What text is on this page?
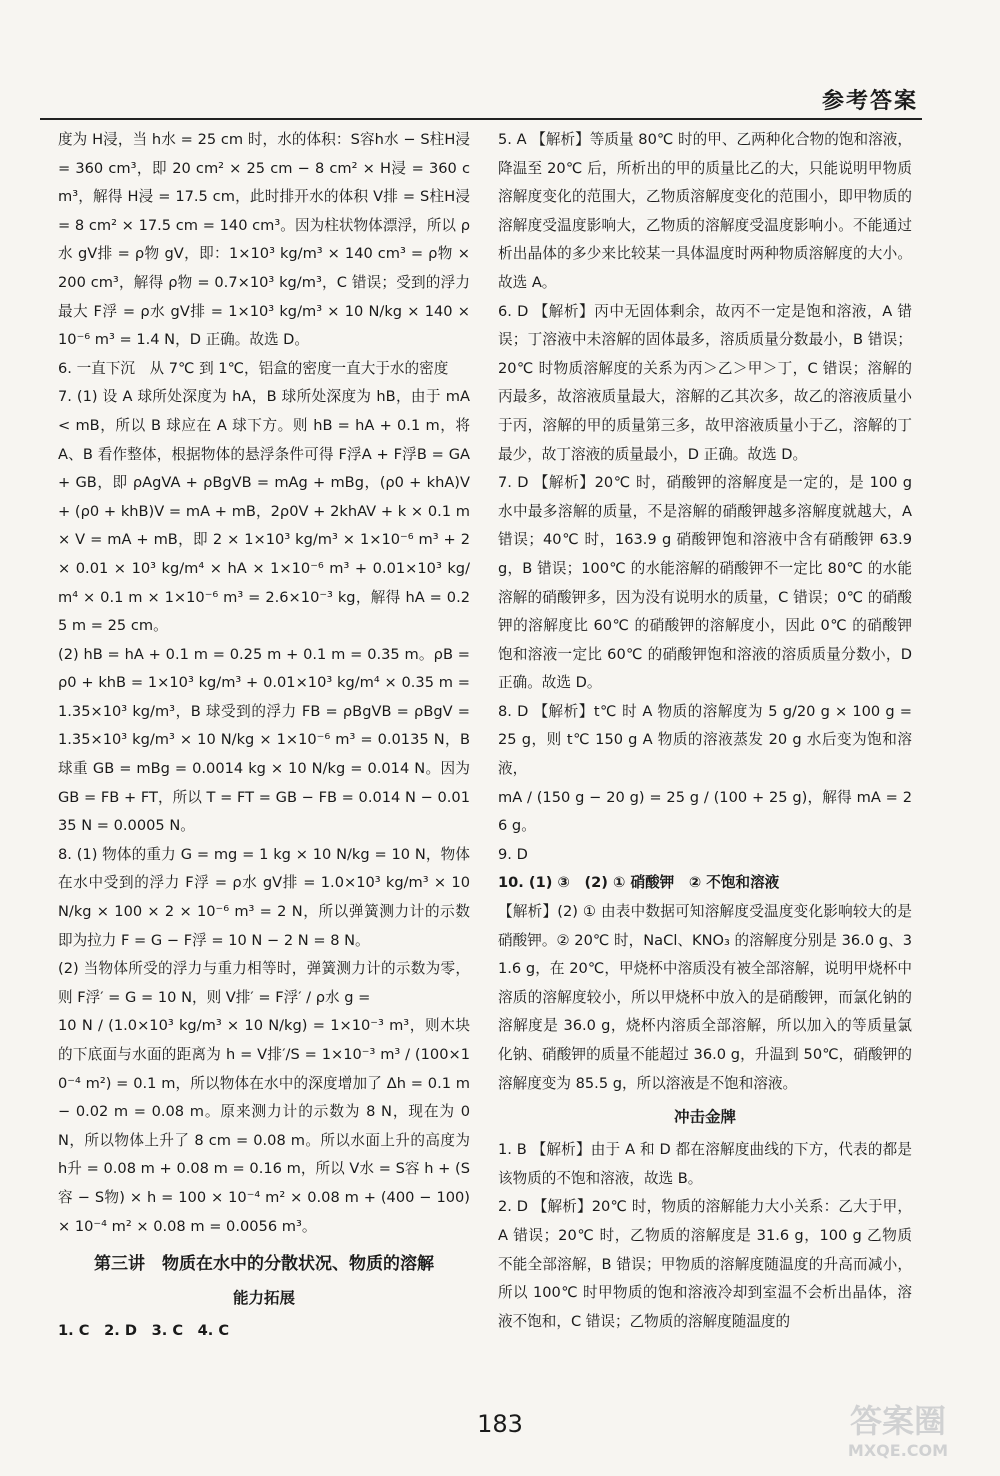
参考答案

度为 H浸，当 h水 = 25 cm 时，水的体积：S容h水 − S柱H浸 = 360 cm³，即 20 cm² × 25 cm − 8 cm² × H浸 = 360 cm³，解得 H浸 = 17.5 cm，此时排开水的体积 V排 = S柱H浸 = 8 cm² × 17.5 cm = 140 cm³。因为柱状物体漂浮，所以 ρ水 gV排 = ρ物 gV，即：1×10³ kg/m³ × 140 cm³ = ρ物 × 200 cm³，解得 ρ物 = 0.7×10³ kg/m³，C 错误；受到的浮力最大 F浮 = ρ水 gV排 = 1×10³ kg/m³ × 10 N/kg × 140 × 10⁻⁶ m³ = 1.4 N，D 正确。故选 D。

6. 一直下沉　从 7℃ 到 1℃，铝盒的密度一直大于水的密度

7. (1) 设 A 球所处深度为 hA，B 球所处深度为 hB，由于 mA < mB，所以 B 球应在 A 球下方。则 hB = hA + 0.1 m，将 A、B 看作整体，根据物体的悬浮条件可得 F浮A + F浮B = GA + GB，即 ρAgVA + ρBgVB = mAg + mBg，(ρ0 + khA)V + (ρ0 + khB)V = mA + mB，2ρ0V + 2khAV + k × 0.1 m × V = mA + mB，即 2 × 1×10³ kg/m³ × 1×10⁻⁶ m³ + 2 × 0.01 × 10³ kg/m⁴ × hA × 1×10⁻⁶ m³ + 0.01×10³ kg/m⁴ × 0.1 m × 1×10⁻⁶ m³ = 2.6×10⁻³ kg，解得 hA = 0.25 m = 25 cm。

(2) hB = hA + 0.1 m = 0.25 m + 0.1 m = 0.35 m。ρB = ρ0 + khB = 1×10³ kg/m³ + 0.01×10³ kg/m⁴ × 0.35 m = 1.35×10³ kg/m³，B 球受到的浮力 FB = ρBgVB = ρBgV = 1.35×10³ kg/m³ × 10 N/kg × 1×10⁻⁶ m³ = 0.0135 N，B 球重 GB = mBg = 0.0014 kg × 10 N/kg = 0.014 N。因为 GB = FB + FT，所以 T = FT = GB − FB = 0.014 N − 0.0135 N = 0.0005 N。

8. (1) 物体的重力 G = mg = 1 kg × 10 N/kg = 10 N，物体在水中受到的浮力 F浮 = ρ水 gV排 = 1.0×10³ kg/m³ × 10 N/kg × 100 × 2 × 10⁻⁶ m³ = 2 N，所以弹簧测力计的示数即为拉力 F = G − F浮 = 10 N − 2 N = 8 N。

(2) 当物体所受的浮力与重力相等时，弹簧测力计的示数为零，则 F浮′ = G = 10 N，则 V排′ = F浮′ / ρ水 g =

10 N / (1.0×10³ kg/m³ × 10 N/kg) = 1×10⁻³ m³，则木块的下底面与水面的距离为 h = V排′/S = 1×10⁻³ m³ / (100×10⁻⁴ m²) = 0.1 m，所以物体在水中的深度增加了 Δh = 0.1 m − 0.02 m = 0.08 m。原来测力计的示数为 8 N，现在为 0 N，所以物体上升了 8 cm = 0.08 m。所以水面上升的高度为 h升 = 0.08 m + 0.08 m = 0.16 m，所以 V水 = S容 h + (S容 − S物) × h = 100 × 10⁻⁴ m² × 0.08 m + (400 − 100) × 10⁻⁴ m² × 0.08 m = 0.0056 m³。

第三讲　物质在水中的分散状况、物质的溶解
能力拓展

1. C　2. D　3. C　4. C

5. A 【解析】等质量 80℃ 时的甲、乙两种化合物的饱和溶液，降温至 20℃ 后，所析出的甲的质量比乙的大，只能说明甲物质溶解度变化的范围大，乙物质溶解度变化的范围小，即甲物质的溶解度受温度影响大，乙物质的溶解度受温度影响小。不能通过析出晶体的多少来比较某一具体温度时两种物质溶解度的大小。故选 A。

6. D 【解析】丙中无固体剩余，故丙不一定是饱和溶液，A 错误；丁溶液中未溶解的固体最多，溶质质量分数最小，B 错误；20℃ 时物质溶解度的关系为丙＞乙＞甲＞丁，C 错误；溶解的丙最多，故溶液质量最大，溶解的乙其次多，故乙的溶液质量小于丙，溶解的甲的质量第三多，故甲溶液质量小于乙，溶解的丁最少，故丁溶液的质量最小，D 正确。故选 D。

7. D 【解析】20℃ 时，硝酸钾的溶解度是一定的，是 100 g 水中最多溶解的质量，不是溶解的硝酸钾越多溶解度就越大，A 错误；40℃ 时，163.9 g 硝酸钾饱和溶液中含有硝酸钾 63.9 g，B 错误；100℃ 的水能溶解的硝酸钾不一定比 80℃ 的水能溶解的硝酸钾多，因为没有说明水的质量，C 错误；0℃ 的硝酸钾的溶解度比 60℃ 的硝酸钾的溶解度小，因此 0℃ 的硝酸钾饱和溶液一定比 60℃ 的硝酸钾饱和溶液的溶质质量分数小，D 正确。故选 D。

8. D 【解析】t℃ 时 A 物质的溶解度为 5 g/20 g × 100 g = 25 g，则 t℃ 150 g A 物质的溶液蒸发 20 g 水后变为饱和溶液，

mA / (150 g − 20 g) = 25 g / (100 + 25 g)，解得 mA = 26 g。

9. D

10. (1) ③　(2) ① 硝酸钾　② 不饱和溶液

【解析】(2) ① 由表中数据可知溶解度受温度变化影响较大的是硝酸钾。② 20℃ 时，NaCl、KNO₃ 的溶解度分别是 36.0 g、31.6 g，在 20℃，甲烧杯中溶质没有被全部溶解，说明甲烧杯中溶质的溶解度较小，所以甲烧杯中放入的是硝酸钾，而氯化钠的溶解度是 36.0 g，烧杯内溶质全部溶解，所以加入的等质量氯化钠、硝酸钾的质量不能超过 36.0 g，升温到 50℃，硝酸钾的溶解度变为 85.5 g，所以溶液是不饱和溶液。

冲击金牌

1. B 【解析】由于 A 和 D 都在溶解度曲线的下方，代表的都是该物质的不饱和溶液，故选 B。

2. D 【解析】20℃ 时，物质的溶解能力大小关系：乙大于甲，A 错误；20℃ 时，乙物质的溶解度是 31.6 g，100 g 乙物质不能全部溶解，B 错误；甲物质的溶解度随温度的升高而减小，所以 100℃ 时甲物质的饱和溶液冷却到室温不会析出晶体，溶液不饱和，C 错误；乙物质的溶解度随温度的

183	答案圈
MXQE.COM
